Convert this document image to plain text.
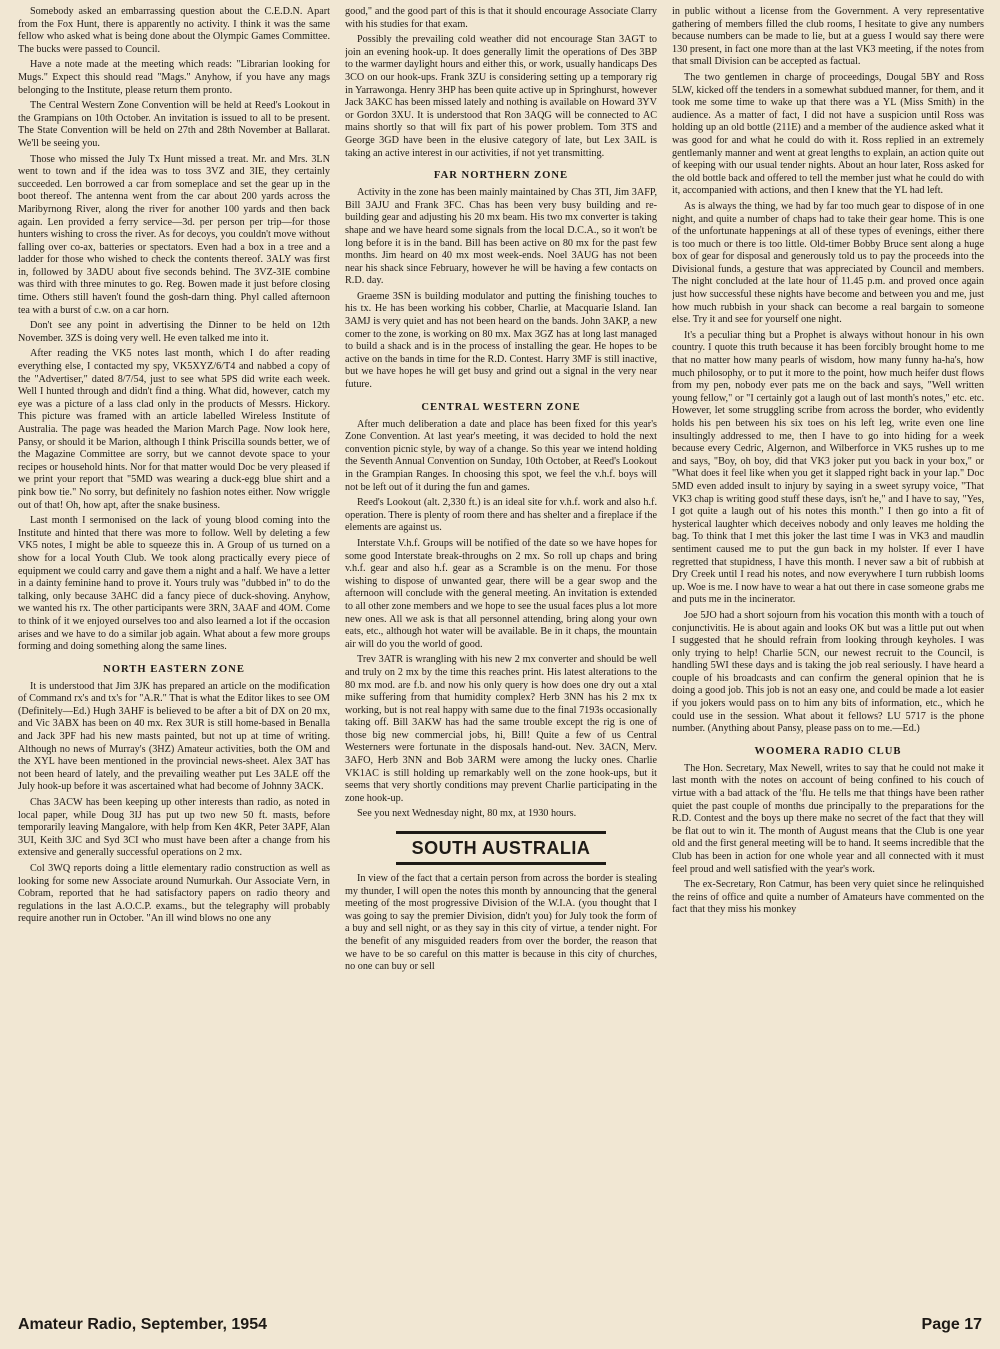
Somebody asked an embarrassing question about the C.E.D.N. Apart from the Fox Hunt, there is apparently no activity. I think it was the same fellow who asked what is being done about the Olympic Games Committee. The bucks were passed to Council.

Have a note made at the meeting which reads: "Librarian looking for Mugs." Expect this should read "Mags." Anyhow, if you have any mags belonging to the Institute, please return them pronto.

The Central Western Zone Convention will be held at Reed's Lookout in the Grampians on 10th October. An invitation is issued to all to be present. The State Convention will be held on 27th and 28th November at Ballarat. We'll be seeing you.

Those who missed the July Tx Hunt missed a treat. Mr. and Mrs. 3LN went to town and if the idea was to toss 3VZ and 3IE, they certainly succeeded. Len borrowed a car from someplace and set the gear up in the boot thereof. The antenna went from the car about 200 yards across the Maribyrnong River, along the river for another 100 yards and then back again. Len provided a ferry service—3d. per person per trip—for those hunters wishing to cross the river. As for decoys, you couldn't move without falling over co-ax, batteries or spectators. Even had a box in a tree and a ladder for those who wished to check the contents thereof. 3ALY was first in, followed by 3ADU about five seconds behind. The 3VZ-3IE combine was third with three minutes to go. Reg. Bowen made it just before closing time. Others still haven't found the gosh-darn thing. Phyl called afternoon tea with a burst of c.w. on a car horn.

Don't see any point in advertising the Dinner to be held on 12th November. 3ZS is doing very well. He even talked me into it.

After reading the VK5 notes last month, which I do after reading everything else, I contacted my spy, VK5XYZ/6/T4 and nabbed a copy of the "Advertiser," dated 8/7/54, just to see what 5PS did write each week. Well I hunted through and didn't find a thing. What did, however, catch my eye was a picture of a lass clad only in the products of Messrs. Hickory. This picture was framed with an article labelled Wireless Institute of Australia. The page was headed the Marion March Page. Now look here, Pansy, or should it be Marion, although I think Priscilla sounds better, we of the Magazine Committee are sorry, but we cannot devote space to your recipes or household hints. Nor for that matter would Doc be very pleased if we print your report that "5MD was wearing a duck-egg blue shirt and a pink bow tie." No sorry, but definitely no fashion notes either. Now wriggle out of that! Oh, how apt, after the snake business.

Last month I sermonised on the lack of young blood coming into the Institute and hinted that there was more to follow. Well by deleting a few VK5 notes, I might be able to squeeze this in. A Group of us turned on a show for a local Youth Club. We took along practically every piece of equipment we could carry and gave them a night and a half. We have a letter in a dainty feminine hand to prove it. Yours truly was "dubbed in" to do the talking, only because 3AHC did a fancy piece of duck-shoving. Anyhow, we wanted his rx. The other participants were 3RN, 3AAF and 4OM. Come to think of it we enjoyed ourselves too and also learned a lot if the occasion arises and we have to do a similar job again. What about a few more groups forming and doing something along the same lines.

NORTH EASTERN ZONE

It is understood that Jim 3JK has prepared an article on the modification of Command rx's and tx's for "A.R." That is what the Editor likes to see OM (Definitely—Ed.) Hugh 3AHF is believed to be after a bit of DX on 20 mx, and Vic 3ABX has been on 40 mx. Rex 3UR is still home-based in Benalla and Jack 3PF had his new masts painted, but not up at time of writing. Although no news of Murray's (3HZ) Amateur activities, both the OM and the XYL have been mentioned in the provincial news-sheet. Alex 3AT has not been heard of lately, and the prevailing weather put Les 3ALE off the July hook-up before it was ascertained what had become of Johnny 3ACK.

Chas 3ACW has been keeping up other interests than radio, as noted in local paper, while Doug 3IJ has put up two new 50 ft. masts, before temporarily leaving Mangalore, with help from Ken 4KR, Peter 3APF, Alan 3UI, Keith 3JC and Syd 3CI who must have been after a change from his extensive and generally successful operations on 2 mx.

Col 3WQ reports doing a little elementary radio construction as well as looking for some new Associate around Numurkah. Our Associate Vern, in Cobram, reported that he had satisfactory papers on radio theory and regulations in the last A.O.C.P. exams., but the telegraphy will probably require another run in October. "An ill wind blows no one any

good," and the good part of this is that it should encourage Associate Clarry with his studies for that exam.

Possibly the prevailing cold weather did not encourage Stan 3AGT to join an evening hook-up. It does generally limit the operations of Des 3BP to the warmer daylight hours and either this, or work, usually handicaps Des 3CO on our hook-ups. Frank 3ZU is considering setting up a temporary rig in Yarrawonga. Henry 3HP has been quite active up in Springhurst, however Jack 3AKC has been missed lately and nothing is available on Howard 3YV or Gordon 3XU. It is understood that Ron 3AQG will be connected to AC mains shortly so that will fix part of his power problem. Tom 3TS and George 3GD have been in the elusive category of late, but Lex 3AIL is taking an active interest in our activities, if not yet transmitting.

FAR NORTHERN ZONE

Activity in the zone has been mainly maintained by Chas 3TI, Jim 3AFP, Bill 3AJU and Frank 3FC. Chas has been very busy building and re-building gear and adjusting his 20 mx beam. His two mx converter is taking shape and we have heard some signals from the local D.C.A., so it won't be long before it is in the band. Bill has been active on 80 mx for the past few months. Jim heard on 40 mx most week-ends. Noel 3AUG has not been near his shack since February, however he will be having a few contacts on R.D. day.

Graeme 3SN is building modulator and putting the finishing touches to his tx. He has been working his cobber, Charlie, at Macquarie Island. Ian 3AMJ is very quiet and has not been heard on the bands. John 3AKP, a new comer to the zone, is working on 80 mx. Max 3GZ has at long last managed to build a shack and is in the process of installing the gear. He hopes to be active on the bands in time for the R.D. Contest. Harry 3MF is still inactive, but we have hopes he will get busy and grind out a signal in the very near future.

CENTRAL WESTERN ZONE

After much deliberation a date and place has been fixed for this year's Zone Convention. At last year's meeting, it was decided to hold the next convention picnic style, by way of a change. So this year we intend holding the Seventh Annual Convention on Sunday, 10th October, at Reed's Lookout in the Grampian Ranges. In choosing this spot, we feel the v.h.f. boys will not be left out of it during the fun and games.

Reed's Lookout (alt. 2,330 ft.) is an ideal site for v.h.f. work and also h.f. operation. There is plenty of room there and has shelter and a fireplace if the elements are against us.

Interstate V.h.f. Groups will be notified of the date so we have hopes for some good Interstate break-throughs on 2 mx. So roll up chaps and bring v.h.f. gear and also h.f. gear as a Scramble is on the menu. For those wishing to dispose of unwanted gear, there will be a gear swop and the afternoon will conclude with the general meeting. An invitation is extended to all other zone members and we hope to see the usual faces plus a lot more new ones. All we ask is that all personnel attending, bring along your own eats, etc., although hot water will be available. Be in it chaps, the mountain air will do you the world of good.

Trev 3ATR is wrangling with his new 2 mx converter and should be well and truly on 2 mx by the time this reaches print. His latest alterations to the 80 mx mod. are f.b. and now his only query is how does one dry out a xtal mike suffering from that humidity complex? Herb 3NN has his 2 mx tx working, but is not real happy with same due to the final 7193s occasionally taking off. Bill 3AKW has had the same trouble except the rig is one of those big new commercial jobs, hi, Bill! Quite a few of us Central Westerners were fortunate in the disposals hand-out. Nev. 3ACN, Merv. 3AFO, Herb 3NN and Bob 3ARM were among the lucky ones. Charlie VK1AC is still holding up remarkably well on the zone hook-ups, but it seems that very shortly conditions may prevent Charlie participating in the zone hook-up.

See you next Wednesday night, 80 mx, at 1930 hours.

SOUTH AUSTRALIA

In view of the fact that a certain person from across the border is stealing my thunder, I will open the notes this month by announcing that the general meeting of the most progressive Division of the W.I.A. (you thought that I was going to say the premier Division, didn't you) for July took the form of a buy and sell night, or as they say in this city of virtue, a tender night. For the benefit of any misguided readers from over the border, the reason that we have to be so careful on this matter is because in this city of churches, no one can buy or sell

in public without a license from the Government. A very representative gathering of members filled the club rooms, I hesitate to give any numbers because numbers can be made to lie, but at a guess I would say there were 130 present, in fact one more than at the last VK3 meeting, if the notes from that small Division can be accepted as factual.

The two gentlemen in charge of proceedings, Dougal 5BY and Ross 5LW, kicked off the tenders in a somewhat subdued manner, for them, and it took me some time to wake up that there was a YL (Miss Smith) in the audience. As a matter of fact, I did not have a suspicion until Ross was holding up an old bottle (211E) and a member of the audience asked what it was good for and what he could do with it. Ross replied in an extremely gentlemanly manner and went at great lengths to explain, an action quite out of keeping with our usual tender nights. About an hour later, Ross asked for the old bottle back and offered to tell the member just what he could do with it, accompanied with actions, and then I knew that the YL had left.

As is always the thing, we had by far too much gear to dispose of in one night, and quite a number of chaps had to take their gear home. This is one of the unfortunate happenings at all of these types of evenings, either there is too much or there is too little. Old-timer Bobby Bruce sent along a huge box of gear for disposal and generously told us to pay the proceeds into the Divisional funds, a gesture that was appreciated by Council and members. The night concluded at the late hour of 11.45 p.m. and proved once again just how successful these nights have become and between you and me, just how much rubbish in your shack can become a real bargain to someone else. Try it and see for yourself one night.

It's a peculiar thing but a Prophet is always without honour in his own country. I quote this truth because it has been forcibly brought home to me that no matter how many pearls of wisdom, how many funny ha-ha's, how much philosophy, or to put it more to the point, how much heifer dust flows from my pen, nobody ever pats me on the back and says, "Well written young fellow," or "I certainly got a laugh out of last month's notes," etc. etc. However, let some struggling scribe from across the border, who evidently holds his pen between his six toes on his left leg, write even one line insultingly addressed to me, then I have to go into hiding for a week because every Cedric, Algernon, and Wilberforce in VK5 rushes up to me and says, "Boy, oh boy, did that VK3 joker put you back in your box," or "What does it feel like when you get it slapped right back in your lap." Doc 5MD even added insult to injury by saying in a sweet syrupy voice, "That VK3 chap is writing good stuff these days, isn't he," and I have to say, "Yes, I got quite a laugh out of his notes this month." I then go into a fit of hysterical laughter which deceives nobody and only leaves me holding the bag. To think that I met this joker the last time I was in VK3 and maudlin sentiment caused me to put the gun back in my holster. If ever I have regretted that stupidness, I have this month. I never saw a bit of rubbish at Dry Creek until I read his notes, and now everywhere I turn rubbish looms up. Woe is me. I now have to wear a hat out there in case someone grabs me and puts me in the incinerator.

Joe 5JO had a short sojourn from his vocation this month with a touch of conjunctivitis. He is about again and looks OK but was a little put out when I suggested that he should refrain from looking through keyholes. I was only trying to help! Charlie 5CN, our newest recruit to the Council, is handling 5WI these days and is taking the job real seriously. I have heard a couple of his broadcasts and can confirm the general opinion that he is doing a good job. This job is not an easy one, and could be made a lot easier if you jokers would pass on to him any bits of information, etc., which he could use in the session. What about it fellows? LU 5717 is the phone number. (Anything about Pansy, please pass on to me.—Ed.)

WOOMERA RADIO CLUB

The Hon. Secretary, Max Newell, writes to say that he could not make it last month with the notes on account of being confined to his couch of virtue with a bad attack of the 'flu. He tells me that things have been rather quiet the past couple of months due principally to the preparations for the R.D. Contest and the boys up there make no secret of the fact that they will be flat out to win it. The month of August means that the Club is one year old and the first general meeting will be to hand. It seems incredible that the Club has been in action for one whole year and all connected with it must feel proud and well satisfied with the year's work.

The ex-Secretary, Ron Catmur, has been very quiet since he relinquished the reins of office and quite a number of Amateurs have commented on the fact that they miss his monkey

Amateur Radio, September, 1954	Page 17
